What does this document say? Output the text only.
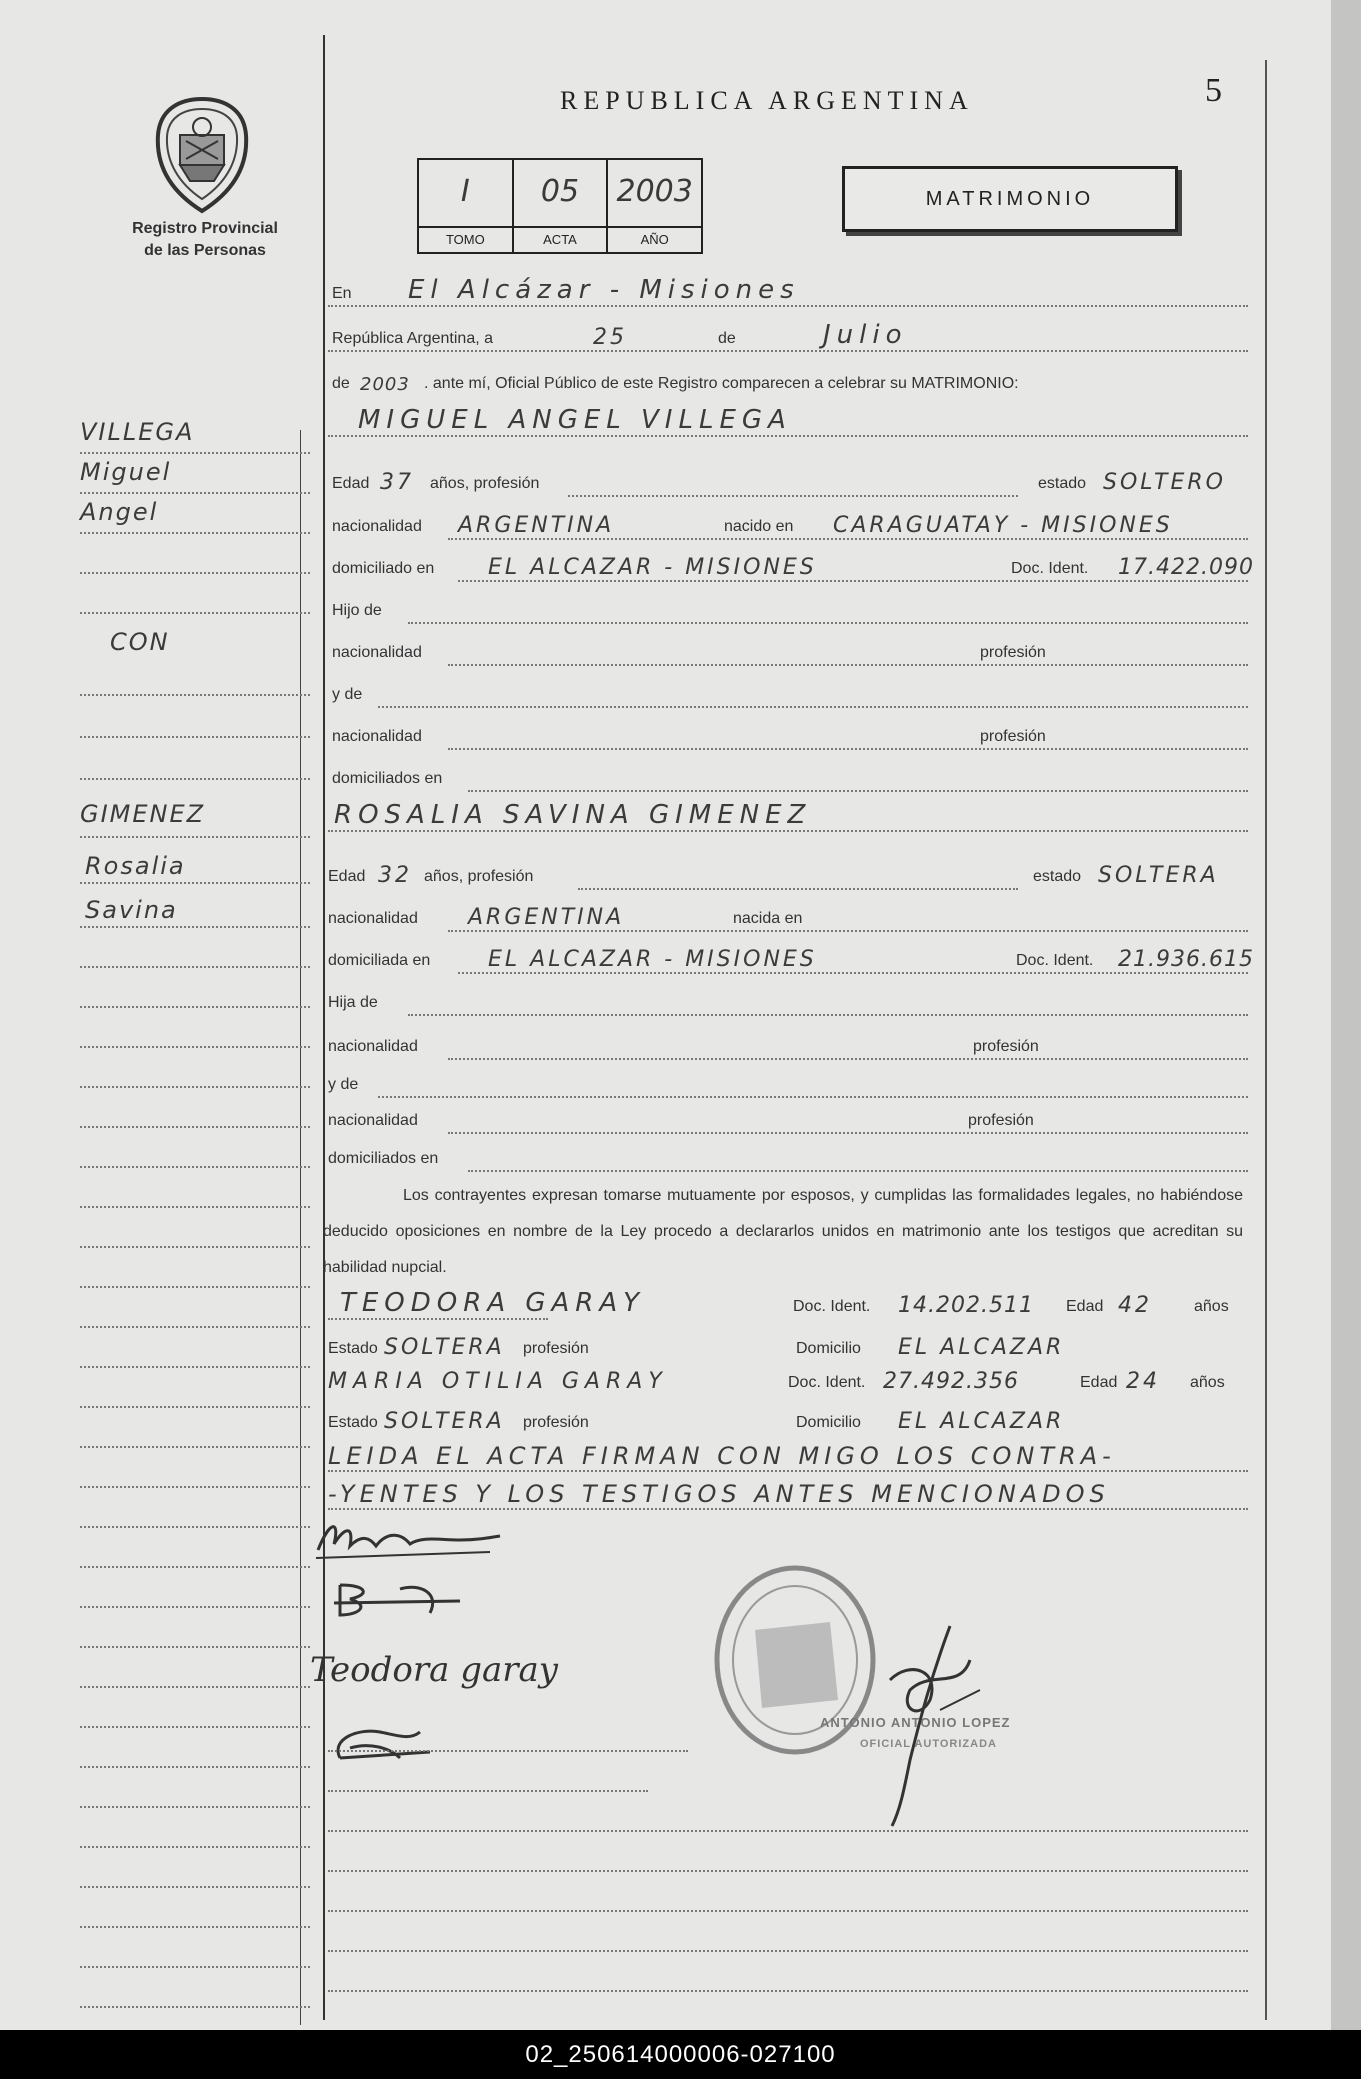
Registro Provincial
de las Personas
REPUBLICA ARGENTINA	5
I
TOMO
05
ACTA
2003
AÑO
MATRIMONIO
En El Alcázar - Misiones
República Argentina, a	25	de	Julio
de 2003 . ante mí, Oficial Público de este Registro comparecen a celebrar su MATRIMONIO:
MIGUEL ANGEL VILLEGA
Edad 37 años, profesión	estado SOLTERO
nacionalidad ARGENTINA	nacido en CARAGUATAY - MISIONES
domiciliado en EL ALCAZAR - MISIONES	Doc. Ident. 17.422.090
Hijo de
nacionalidad	profesión
y de
nacionalidad	profesión
domiciliados en
ROSALIA SAVINA GIMENEZ
Edad 32 años, profesión	estado SOLTERA
nacionalidad ARGENTINA	nacida en
domiciliada en	EL ALCAZAR - MISIONES	Doc. Ident. 21.936.615
Hija de
nacionalidad	profesión
y de
nacionalidad	profesión
domiciliados en
Los contrayentes expresan tomarse mutuamente por esposos, y cumplidas las formalidades legales, no habiéndose deducido oposiciones en nombre de la Ley procedo a declararlos unidos en matrimonio ante los testigos que acreditan su habilidad nupcial.
TEODORA GARAY	Doc. Ident. 14.202.511 Edad 42	años
Estado SOLTERA profesión	Domicilio EL ALCAZAR
MARIA OTILIA GARAY	Doc. Ident. 27.492.356	Edad 24 años
Estado SOLTERA profesión	Domicilio EL ALCAZAR
LEIDA EL ACTA FIRMAN CON MIGO LOS CONTRA-
-YENTES Y LOS TESTIGOS ANTES MENCIONADOS
Teodora garay
ANTONIO ANTONIO LOPEZ
OFICIAL AUTORIZADA
VILLEGA
Miguel
Angel
CON
GIMENEZ
Rosalia
Savina
02_250614000006-027100
